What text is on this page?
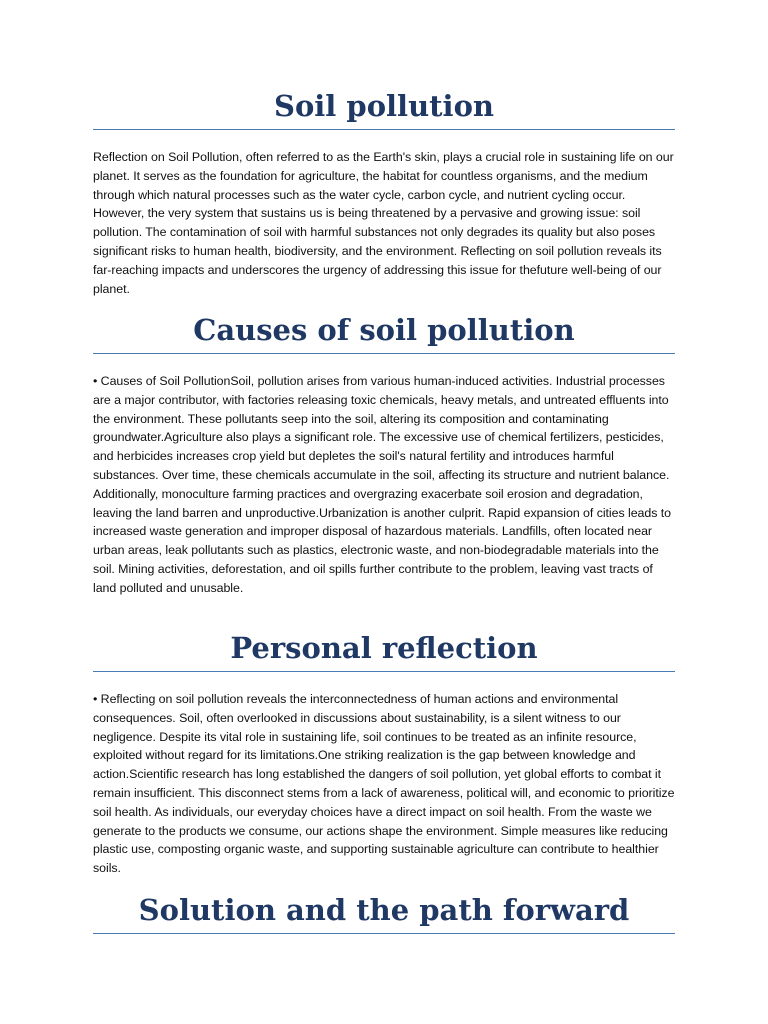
Soil pollution

Reflection on Soil Pollution, often referred to as the Earth's skin, plays a crucial role in sustaining life on our planet. It serves as the foundation for agriculture, the habitat for countless organisms, and the medium through which natural processes such as the water cycle, carbon cycle, and nutrient cycling occur. However, the very system that sustains us is being threatened by a pervasive and growing issue: soil pollution. The contamination of soil with harmful substances not only degrades its quality but also poses significant risks to human health, biodiversity, and the environment. Reflecting on soil pollution reveals its far-reaching impacts and underscores the urgency of addressing this issue for thefuture well-being of our planet.

Causes of soil pollution

• Causes of Soil PollutionSoil, pollution arises from various human-induced activities. Industrial processes are a major contributor, with factories releasing toxic chemicals, heavy metals, and untreated effluents into the environment. These pollutants seep into the soil, altering its composition and contaminating groundwater.Agriculture also plays a significant role. The excessive use of chemical fertilizers, pesticides, and herbicides increases crop yield but depletes the soil's natural fertility and introduces harmful substances. Over time, these chemicals accumulate in the soil, affecting its structure and nutrient balance. Additionally, monoculture farming practices and overgrazing exacerbate soil erosion and degradation, leaving the land barren and unproductive.Urbanization is another culprit. Rapid expansion of cities leads to increased waste generation and improper disposal of hazardous materials. Landfills, often located near urban areas, leak pollutants such as plastics, electronic waste, and non-biodegradable materials into the soil. Mining activities, deforestation, and oil spills further contribute to the problem, leaving vast tracts of land polluted and unusable.

Personal reflection

• Reflecting on soil pollution reveals the interconnectedness of human actions and environmental consequences. Soil, often overlooked in discussions about sustainability, is a silent witness to our negligence. Despite its vital role in sustaining life, soil continues to be treated as an infinite resource, exploited without regard for its limitations.One striking realization is the gap between knowledge and action.Scientific research has long established the dangers of soil pollution, yet global efforts to combat it remain insufficient. This disconnect stems from a lack of awareness, political will, and economic to prioritize soil health. As individuals, our everyday choices have a direct impact on soil health. From the waste we generate to the products we consume, our actions shape the environment. Simple measures like reducing plastic use, composting organic waste, and supporting sustainable agriculture can contribute to healthier soils.

Solution and the path forward
